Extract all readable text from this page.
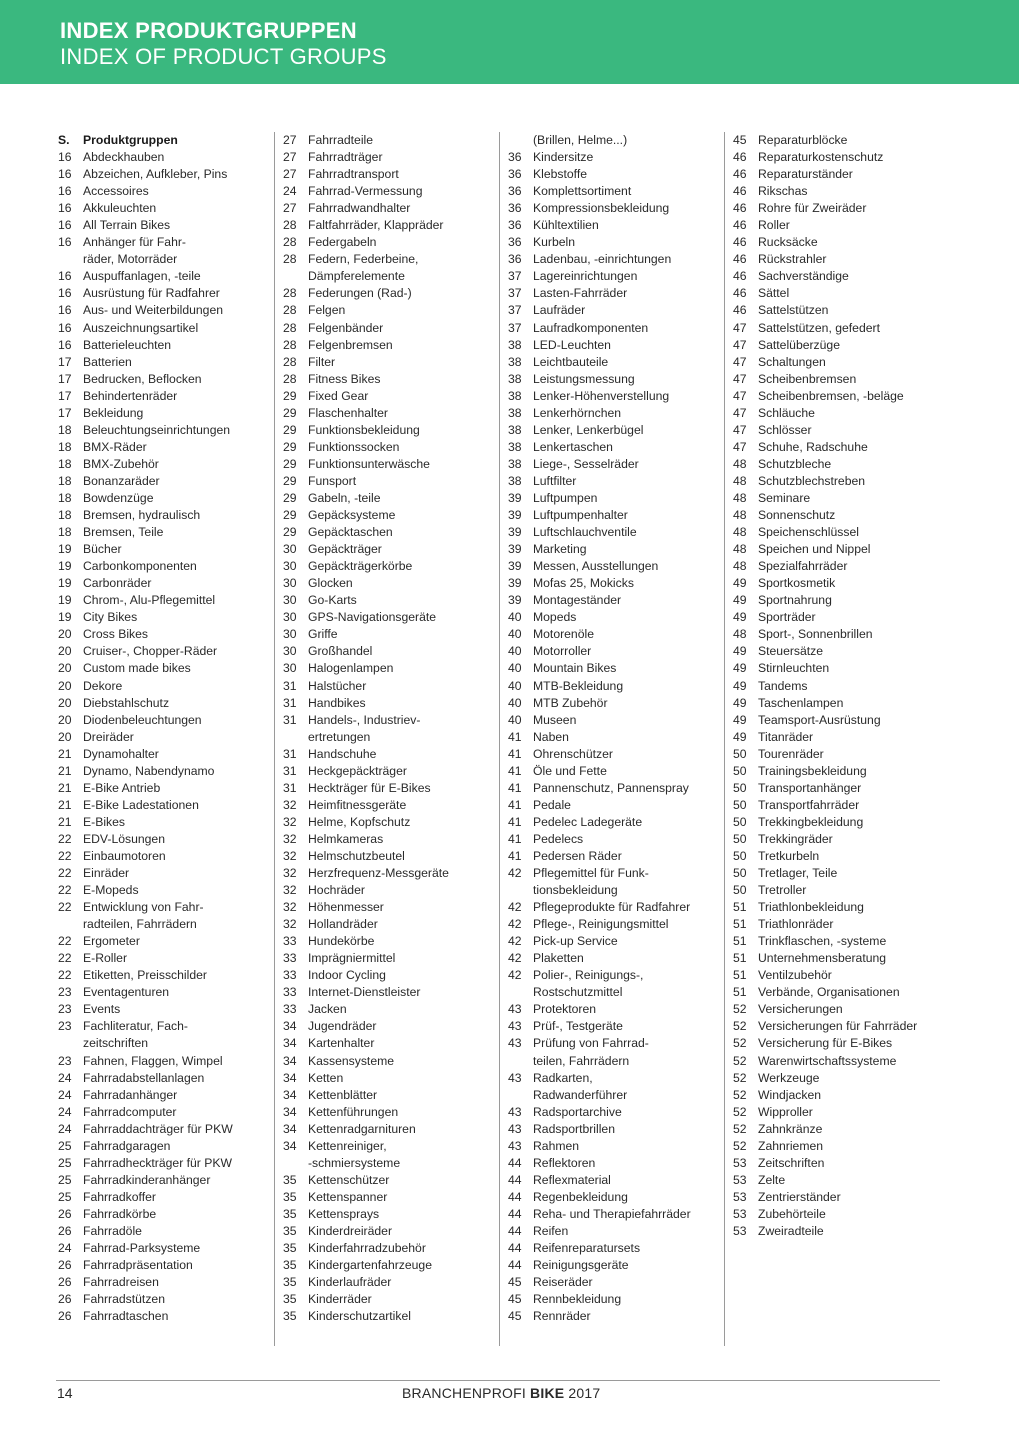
INDEX PRODUKTGRUPPEN
INDEX OF PRODUCT GROUPS
S.	Produktgruppen
16 Abdeckhauben
16 Abzeichen, Aufkleber, Pins
16 Accessoires
16 Akkuleuchten
16 All Terrain Bikes
16 Anhänger für Fahr-
räder, Motorräder
16 Auspuffanlagen, -teile
16 Ausrüstung für Radfahrer
16 Aus- und Weiterbildungen
16 Auszeichnungsartikel
16 Batterieleuchten
17 Batterien
17 Bedrucken, Beflocken
17 Behindertenräder
17 Bekleidung
18 Beleuchtungseinrichtungen
18 BMX-Räder
18 BMX-Zubehör
18 Bonanzaräder
18 Bowdenzüge
18 Bremsen, hydraulisch
18 Bremsen, Teile
19 Bücher
19 Carbonkomponenten
19 Carbonräder
19 Chrom-, Alu-Pflegemittel
19 City Bikes
20 Cross Bikes
20 Cruiser-, Chopper-Räder
20 Custom made bikes
20 Dekore
20 Diebstahlschutz
20 Diodenbeleuchtungen
20 Dreiräder
21 Dynamohalter
21 Dynamo, Nabendynamo
21 E-Bike Antrieb
21 E-Bike Ladestationen
21 E-Bikes
22 EDV-Lösungen
22 Einbaumotoren
22 Einräder
22 E-Mopeds
22 Entwicklung von Fahr-
radteilen, Fahrrädern
22 Ergometer
22 E-Roller
22 Etiketten, Preisschilder
23 Eventagenturen
23 Events
23 Fachliteratur, Fach-
zeitschriften
23 Fahnen, Flaggen, Wimpel
24 Fahrradabstellanlagen
24 Fahrradanhänger
24 Fahrradcomputer
24 Fahrraddachträger für PKW
25 Fahrradgaragen
25 Fahrradheckträger für PKW
25 Fahrradkinderanhänger
25 Fahrradkoffer
26 Fahrradkörbe
26 Fahrradöle
24 Fahrrad-Parksysteme
26 Fahrradpräsentation
26 Fahrradreisen
26 Fahrradstützen
26 Fahrradtaschen
27 Fahrradteile
27 Fahrradträger
27 Fahrradtransport
24 Fahrrad-Vermessung
27 Fahrradwandhalter
28 Faltfahrräder, Klappräder
28 Federgabeln
28 Federn, Federbeine,
Dämpferelemente
28 Federungen (Rad-)
28 Felgen
28 Felgenbänder
28 Felgenbremsen
28 Filter
28 Fitness Bikes
29 Fixed Gear
29 Flaschenhalter
29 Funktionsbekleidung
29 Funktionssocken
29 Funktionsunterwäsche
29 Funsport
29 Gabeln, -teile
29 Gepäcksysteme
29 Gepäcktaschen
30 Gepäckträger
30 Gepäckträgerkörbe
30 Glocken
30 Go-Karts
30 GPS-Navigationsgeräte
30 Griffe
30 Großhandel
30 Halogenlampen
31 Halstücher
31 Handbikes
31 Handels-, Industriev-
ertretungen
31 Handschuhe
31 Heckgepäckträger
31 Heckträger für E-Bikes
32 Heimfitnessgeräte
32 Helme, Kopfschutz
32 Helmkameras
32 Helmschutzbeutel
32 Herzfrequenz-Messgeräte
32 Hochräder
32 Höhenmesser
32 Hollandräder
33 Hundekörbe
33 Imprägniermittel
33 Indoor Cycling
33 Internet-Dienstleister
33 Jacken
34 Jugendräder
34 Kartenhalter
34 Kassensysteme
34 Ketten
34 Kettenblätter
34 Kettenführungen
34 Kettenradgarnituren
34 Kettenreiniger,
-schmiersysteme
35 Kettenschützer
35 Kettenspanner
35 Kettensprays
35 Kinderdreiräder
35 Kinderfahrradzubehör
35 Kindergartenfahrzeuge
35 Kinderlaufräder
35 Kinderräder
35 Kinderschutzartikel
(Brillen, Helme...)
36 Kindersitze
36 Klebstoffe
36 Komplettsortiment
36 Kompressionsbekleidung
36 Kühltextilien
36 Kurbeln
36 Ladenbau, -einrichtungen
37 Lagereinrichtungen
37 Lasten-Fahrräder
37 Laufräder
37 Laufradkomponenten
38 LED-Leuchten
38 Leichtbauteile
38 Leistungsmessung
38 Lenker-Höhenverstellung
38 Lenkerhörnchen
38 Lenker, Lenkerbügel
38 Lenkertaschen
38 Liege-, Sesselräder
38 Luftfilter
39 Luftpumpen
39 Luftpumpenhalter
39 Luftschlauchventile
39 Marketing
39 Messen, Ausstellungen
39 Mofas 25, Mokicks
39 Montageständer
40 Mopeds
40 Motorenöle
40 Motorroller
40 Mountain Bikes
40 MTB-Bekleidung
40 MTB Zubehör
40 Museen
41 Naben
41 Ohrenschützer
41 Öle und Fette
41 Pannenschutz, Pannenspray
41 Pedale
41 Pedelec Ladegeräte
41 Pedelecs
41 Pedersen Räder
42 Pflegemittel für Funk-
tionsbekleidung
42 Pflegeprodukte für Radfahrer
42 Pflege-, Reinigungsmittel
42 Pick-up Service
42 Plaketten
42 Polier-, Reinigungs-,
Rostschutzmittel
43 Protektoren
43 Prüf-, Testgeräte
43 Prüfung von Fahrrad-
teilen, Fahrrädern
43 Radkarten,
Radwanderführer
43 Radsportarchive
43 Radsportbrillen
43 Rahmen
44 Reflektoren
44 Reflexmaterial
44 Regenbekleidung
44 Reha- und Therapiefahrräder
44 Reifen
44 Reifenreparatursets
44 Reinigungsgeräte
45 Reiseräder
45 Rennbekleidung
45 Rennräder
45 Reparaturblöcke
46 Reparaturkostenschutz
46 Reparaturständer
46 Rikschas
46 Rohre für Zweiräder
46 Roller
46 Rucksäcke
46 Rückstrahler
46 Sachverständige
46 Sättel
46 Sattelstützen
47 Sattelstützen, gefedert
47 Sattelüberzüge
47 Schaltungen
47 Scheibenbremsen
47 Scheibenbremsen, -beläge
47 Schläuche
47 Schlösser
47 Schuhe, Radschuhe
48 Schutzbleche
48 Schutzblechstreben
48 Seminare
48 Sonnenschutz
48 Speichenschlüssel
48 Speichen und Nippel
48 Spezialfahrräder
49 Sportkosmetik
49 Sportnahrung
49 Sporträder
48 Sport-, Sonnenbrillen
49 Steuersätze
49 Stirnleuchten
49 Tandems
49 Taschenlampen
49 Teamsport-Ausrüstung
49 Titanräder
50 Tourenräder
50 Trainingsbekleidung
50 Transportanhänger
50 Transportfahrräder
50 Trekkingbekleidung
50 Trekkingräder
50 Tretkurbeln
50 Tretlager, Teile
50 Tretroller
51 Triathlonbekleidung
51 Triathlonräder
51 Trinkflaschen, -systeme
51 Unternehmensberatung
51 Ventilzubehör
51 Verbände, Organisationen
52 Versicherungen
52 Versicherungen für Fahrräder
52 Versicherung für E-Bikes
52 Warenwirtschaftssysteme
52 Werkzeuge
52 Windjacken
52 Wipproller
52 Zahnkränze
52 Zahnriemen
53 Zeitschriften
53 Zelte
53 Zentrierständer
53 Zubehörteile
53 Zweiradteile
14	BRANCHENPROFI BIKE 2017
